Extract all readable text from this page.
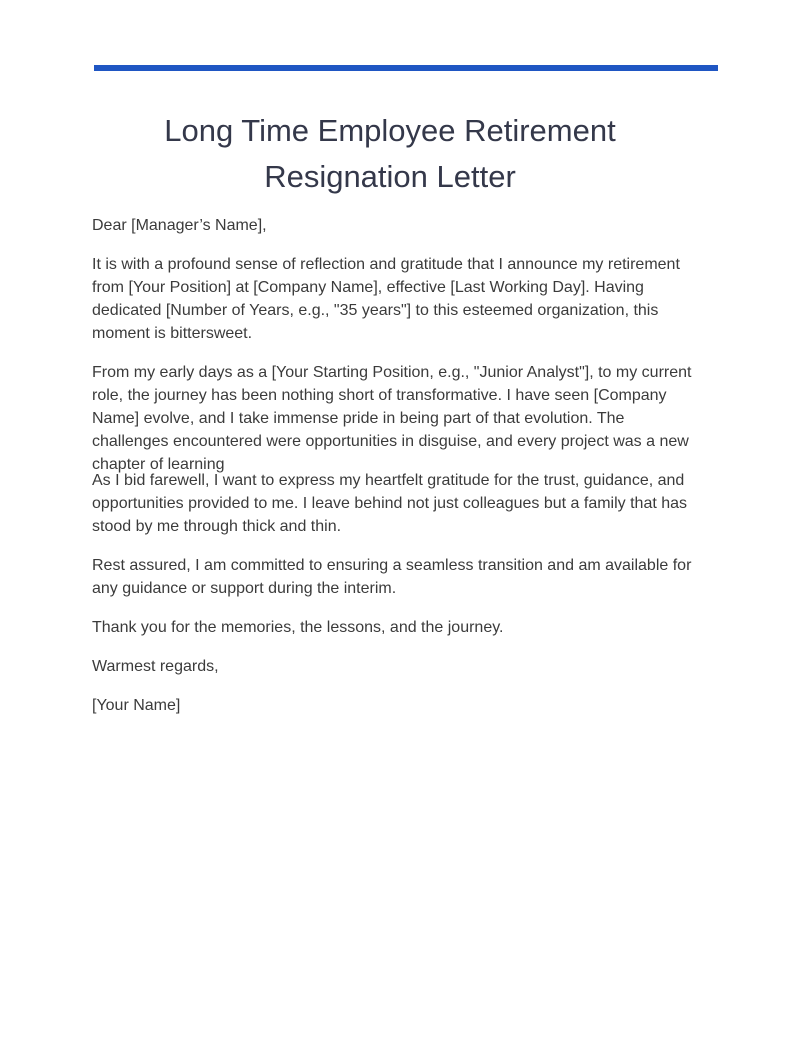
Long Time Employee Retirement Resignation Letter

Dear [Manager’s Name],

It is with a profound sense of reflection and gratitude that I announce my retirement from [Your Position] at [Company Name], effective [Last Working Day]. Having dedicated [Number of Years, e.g., "35 years"] to this esteemed organization, this moment is bittersweet.

From my early days as a [Your Starting Position, e.g., "Junior Analyst"], to my current role, the journey has been nothing short of transformative. I have seen [Company Name] evolve, and I take immense pride in being part of that evolution. The challenges encountered were opportunities in disguise, and every project was a new chapter of learning

As I bid farewell, I want to express my heartfelt gratitude for the trust, guidance, and opportunities provided to me. I leave behind not just colleagues but a family that has stood by me through thick and thin.

Rest assured, I am committed to ensuring a seamless transition and am available for any guidance or support during the interim.

Thank you for the memories, the lessons, and the journey.

Warmest regards,

[Your Name]
